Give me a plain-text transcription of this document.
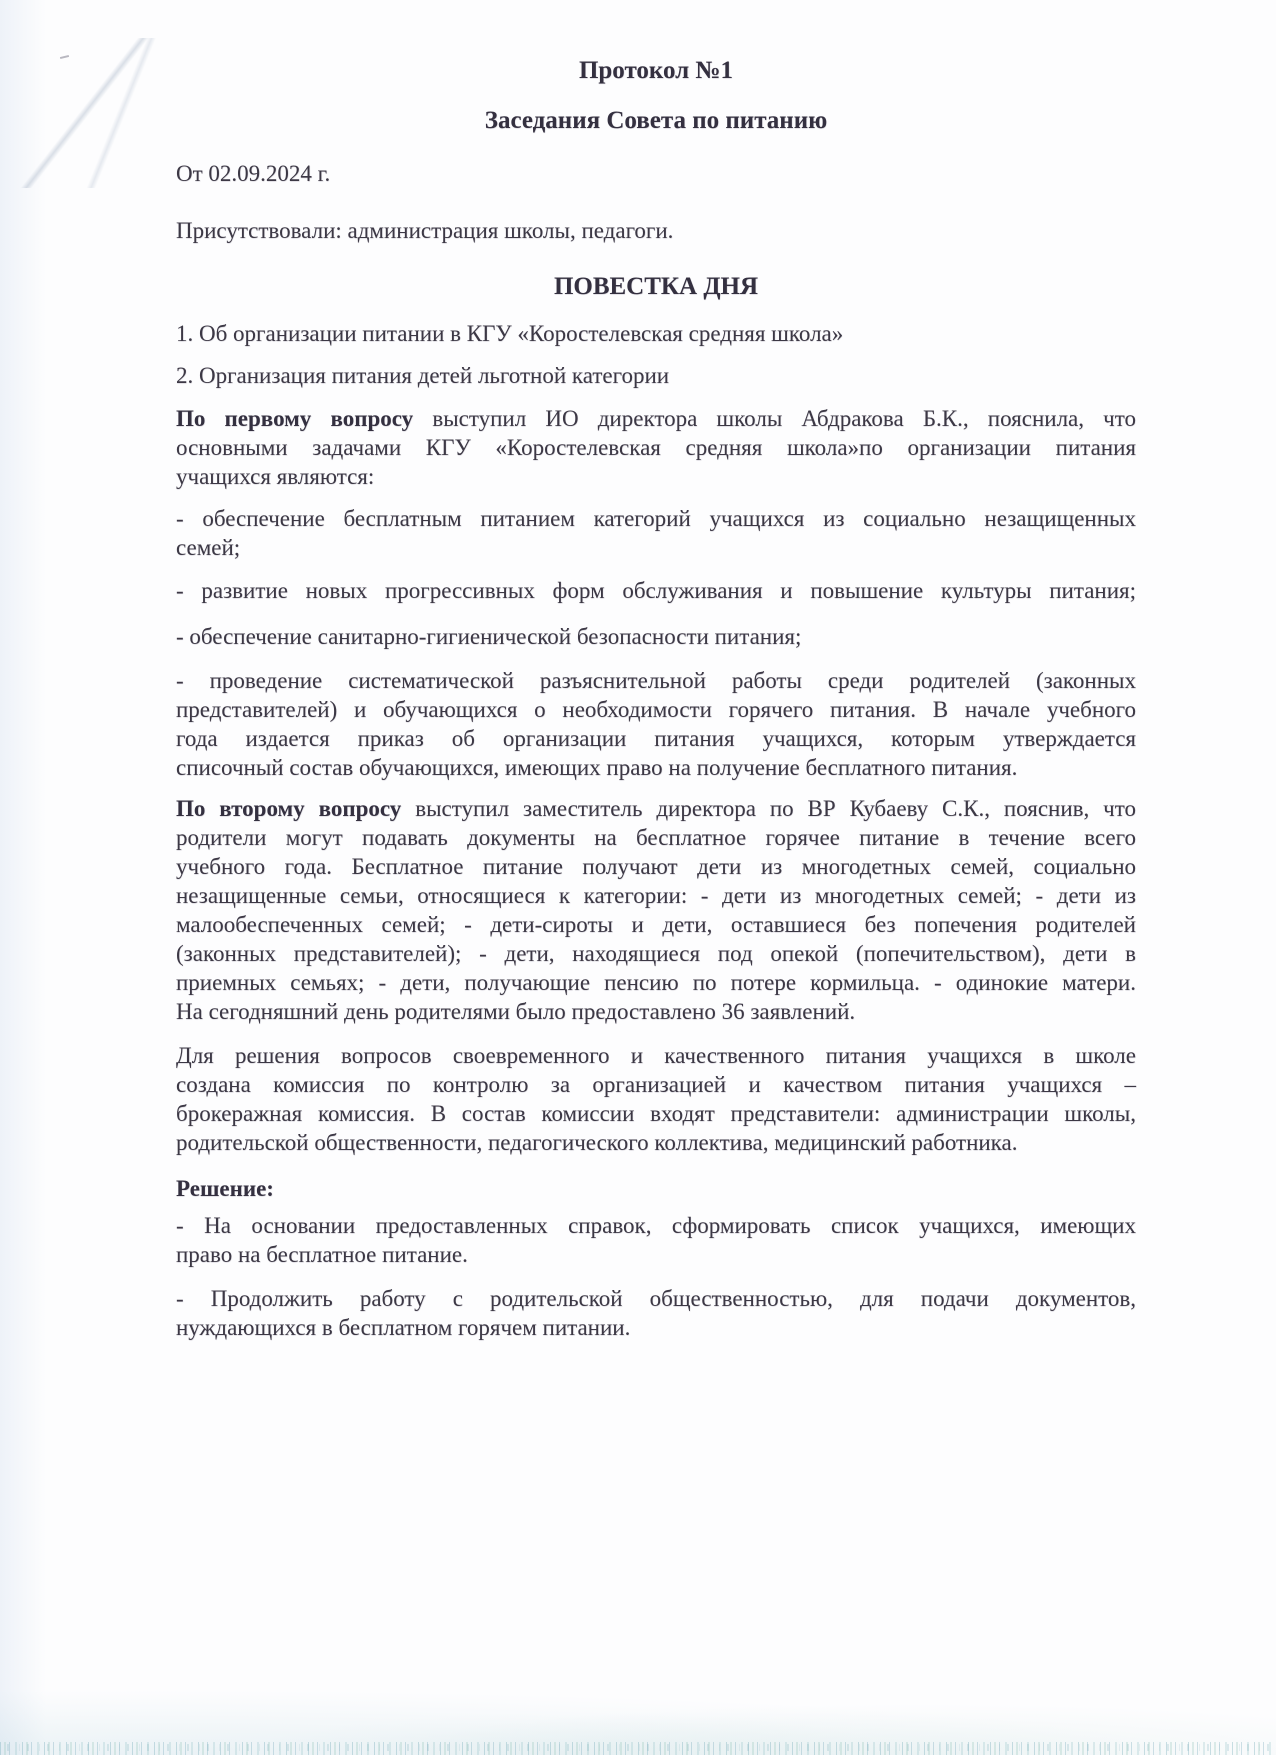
Протокол №1
Заседания Совета по питанию
От 02.09.2024 г.
Присутствовали: администрация школы, педагоги.
ПОВЕСТКА ДНЯ
1. Об организации питании в КГУ «Коростелевская средняя школа»
2. Организация питания детей льготной категории
По первому вопросу выступил ИО директора школы Абдракова Б.К., пояснила, что
основными задачами КГУ «Коростелевская средняя школа»по организации питания
учащихся являются:
- обеспечение бесплатным питанием категорий учащихся из социально незащищенных
семей;
- развитие новых прогрессивных форм обслуживания и повышение культуры питания;
- обеспечение санитарно-гигиенической безопасности питания;
- проведение систематической разъяснительной работы среди родителей (законных
представителей) и обучающихся о необходимости горячего питания. В начале учебного
года издается приказ об организации питания учащихся, которым утверждается
списочный состав обучающихся, имеющих право на получение бесплатного питания.
По второму вопросу выступил заместитель директора по ВР Кубаеву С.К., пояснив, что
родители могут подавать документы на бесплатное горячее питание в течение всего
учебного года. Бесплатное питание получают дети из многодетных семей, социально
незащищенные семьи, относящиеся к категории: - дети из многодетных семей; - дети из
малообеспеченных семей; - дети-сироты и дети, оставшиеся без попечения родителей
(законных представителей); - дети, находящиеся под опекой (попечительством), дети в
приемных семьях; - дети, получающие пенсию по потере кормильца. - одинокие матери.
На сегодняшний день родителями было предоставлено 36 заявлений.
Для решения вопросов своевременного и качественного питания учащихся в школе
создана комиссия по контролю за организацией и качеством питания учащихся –
брокеражная комиссия. В состав комиссии входят представители: администрации школы,
родительской общественности, педагогического коллектива, медицинский работника.
Решение:
- На основании предоставленных справок, сформировать список учащихся, имеющих
право на бесплатное питание.
- Продолжить работу с родительской общественностью, для подачи документов,
нуждающихся в бесплатном горячем питании.
